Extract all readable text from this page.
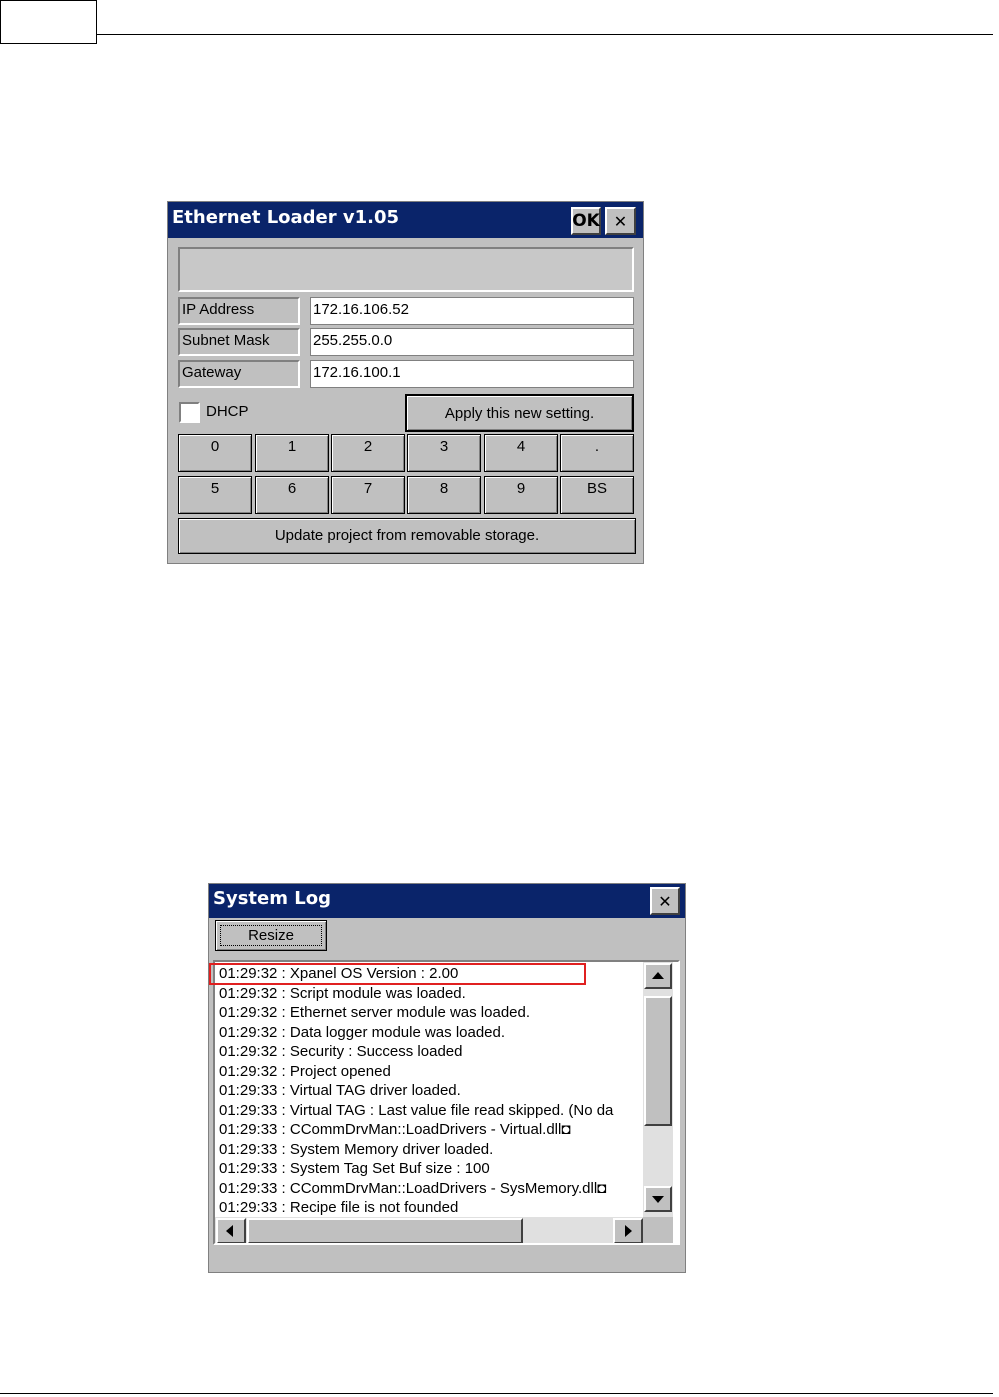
Ethernet Loader v1.05	OK ✕
IP Address	172.16.106.52
Subnet Mask	255.255.0.0
Gateway	172.16.100.1
DHCP	Apply this new setting.
0	1	2	3	4	.
5	6	7	8	9	BS
Update project from removable storage.
System Log	✕
Resize
01:29:32 : Xpanel OS Version : 2.00
01:29:32 : Script module was loaded.
01:29:32 : Ethernet server module was loaded.
01:29:32 : Data logger module was loaded.
01:29:32 : Security : Success loaded
01:29:32 : Project opened
01:29:33 : Virtual TAG driver loaded.
01:29:33 : Virtual TAG : Last value file read skipped. (No da
01:29:33 : CCommDrvMan::LoadDrivers - Virtual.dll◘
01:29:33 : System Memory driver loaded.
01:29:33 : System Tag Set Buf size : 100
01:29:33 : CCommDrvMan::LoadDrivers - SysMemory.dll◘
01:29:33 : Recipe file is not founded
